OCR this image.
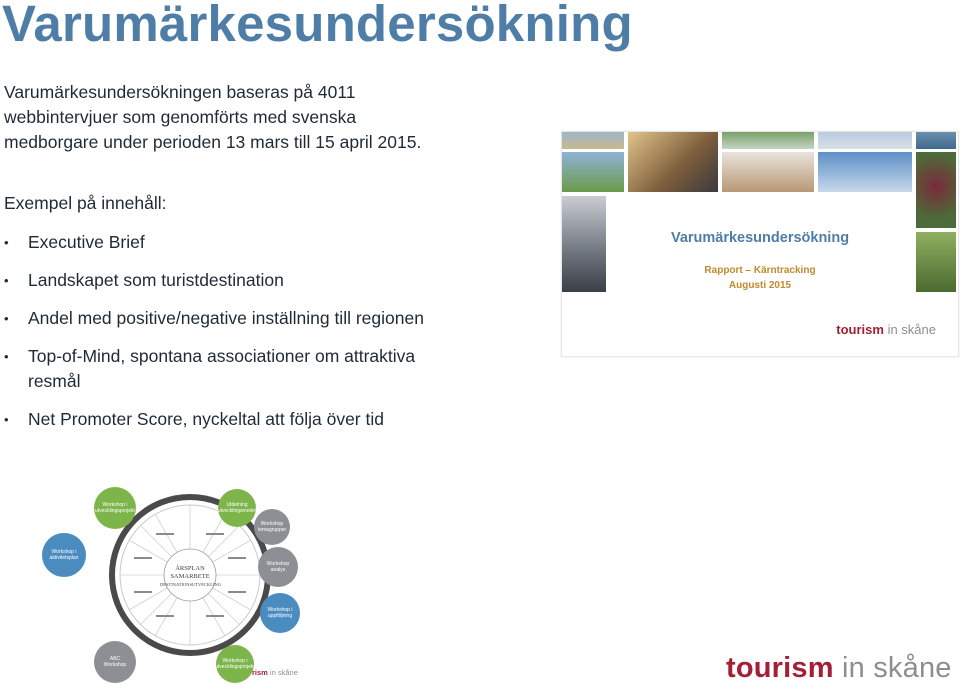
Varumärkesundersökning
Varumärkesundersökningen baseras på 4011 webbintervjuer som genomförts med svenska medborgare under perioden 13 mars till 15 april 2015.
Exempel på innehåll:
• Executive Brief
• Landskapet som turistdestination
• Andel med positive/negative inställning till regionen
• Top-of-Mind, spontana associationer om attraktiva resmål
• Net Promoter Score, nyckeltal att följa över tid
Varumärkesundersökning
Rapport – Kärntracking
Augusti 2015
tourism in skåne
ÅRSPLAN
SAMARBETE
DESTINATIONSUTVECKLING
Workshop i utvecklingsprojekt
Utdelning utvecklingsmedel
Workshop temagrupper
Workshop i aktivitetsplan
Workshop analys
Workshop i uppföljning
ABC Workshop
Workshop i utvecklingsprojekt
rism in skåne	tourism in skåne
